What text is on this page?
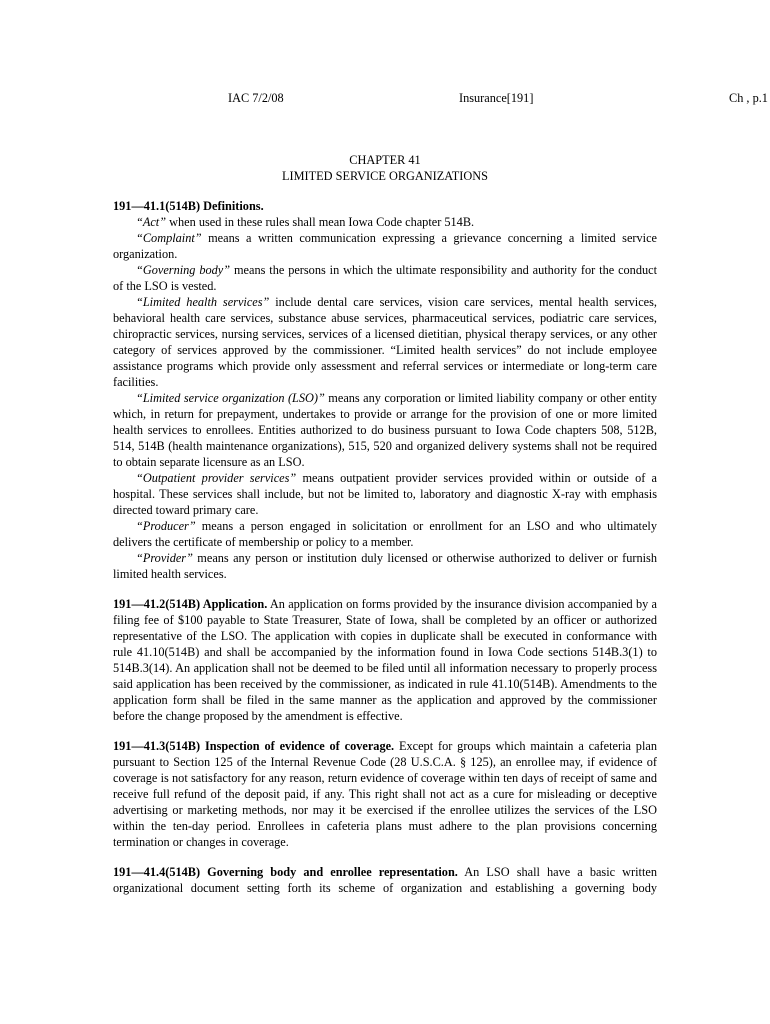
IAC 7/2/08	Insurance[191]	Ch , p.1
CHAPTER 41
LIMITED SERVICE ORGANIZATIONS

191—41.1(514B) Definitions.

“Act” when used in these rules shall mean Iowa Code chapter 514B.

“Complaint” means a written communication expressing a grievance concerning a limited service organization.

“Governing body” means the persons in which the ultimate responsibility and authority for the conduct of the LSO is vested.

“Limited health services” include dental care services, vision care services, mental health services, behavioral health care services, substance abuse services, pharmaceutical services, podiatric care services, chiropractic services, nursing services, services of a licensed dietitian, physical therapy services, or any other category of services approved by the commissioner. “Limited health services” do not include employee assistance programs which provide only assessment and referral services or intermediate or long-term care facilities.

“Limited service organization (LSO)” means any corporation or limited liability company or other entity which, in return for prepayment, undertakes to provide or arrange for the provision of one or more limited health services to enrollees. Entities authorized to do business pursuant to Iowa Code chapters 508, 512B, 514, 514B (health maintenance organizations), 515, 520 and organized delivery systems shall not be required to obtain separate licensure as an LSO.

“Outpatient provider services” means outpatient provider services provided within or outside of a hospital. These services shall include, but not be limited to, laboratory and diagnostic X-ray with emphasis directed toward primary care.

“Producer” means a person engaged in solicitation or enrollment for an LSO and who ultimately delivers the certificate of membership or policy to a member.

“Provider” means any person or institution duly licensed or otherwise authorized to deliver or furnish limited health services.

191—41.2(514B) Application. An application on forms provided by the insurance division accompanied by a filing fee of $100 payable to State Treasurer, State of Iowa, shall be completed by an officer or authorized representative of the LSO. The application with copies in duplicate shall be executed in conformance with rule 41.10(514B) and shall be accompanied by the information found in Iowa Code sections 514B.3(1) to 514B.3(14). An application shall not be deemed to be filed until all information necessary to properly process said application has been received by the commissioner, as indicated in rule 41.10(514B). Amendments to the application form shall be filed in the same manner as the application and approved by the commissioner before the change proposed by the amendment is effective.

191—41.3(514B) Inspection of evidence of coverage. Except for groups which maintain a cafeteria plan pursuant to Section 125 of the Internal Revenue Code (28 U.S.C.A. § 125), an enrollee may, if evidence of coverage is not satisfactory for any reason, return evidence of coverage within ten days of receipt of same and receive full refund of the deposit paid, if any. This right shall not act as a cure for misleading or deceptive advertising or marketing methods, nor may it be exercised if the enrollee utilizes the services of the LSO within the ten-day period. Enrollees in cafeteria plans must adhere to the plan provisions concerning termination or changes in coverage.

191—41.4(514B) Governing body and enrollee representation. An LSO shall have a basic written organizational document setting forth its scheme of organization and establishing a governing body
